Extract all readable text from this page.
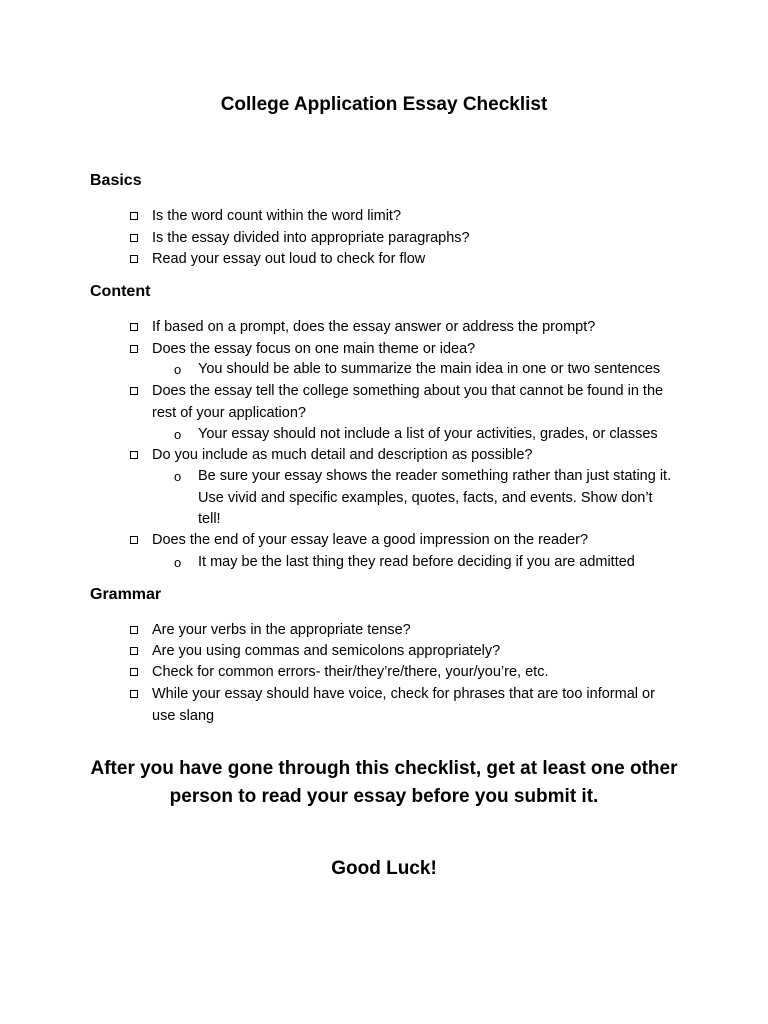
College Application Essay Checklist
Basics
Is the word count within the word limit?
Is the essay divided into appropriate paragraphs?
Read your essay out loud to check for flow
Content
If based on a prompt, does the essay answer or address the prompt?
Does the essay focus on one main theme or idea?
o You should be able to summarize the main idea in one or two sentences
Does the essay tell the college something about you that cannot be found in the rest of your application?
o Your essay should not include a list of your activities, grades, or classes
Do you include as much detail and description as possible?
o Be sure your essay shows the reader something rather than just stating it. Use vivid and specific examples, quotes, facts, and events. Show don’t tell!
Does the end of your essay leave a good impression on the reader?
o It may be the last thing they read before deciding if you are admitted
Grammar
Are your verbs in the appropriate tense?
Are you using commas and semicolons appropriately?
Check for common errors- their/they’re/there, your/you’re, etc.
While your essay should have voice, check for phrases that are too informal or use slang
After you have gone through this checklist, get at least one other
person to read your essay before you submit it.
Good Luck!
